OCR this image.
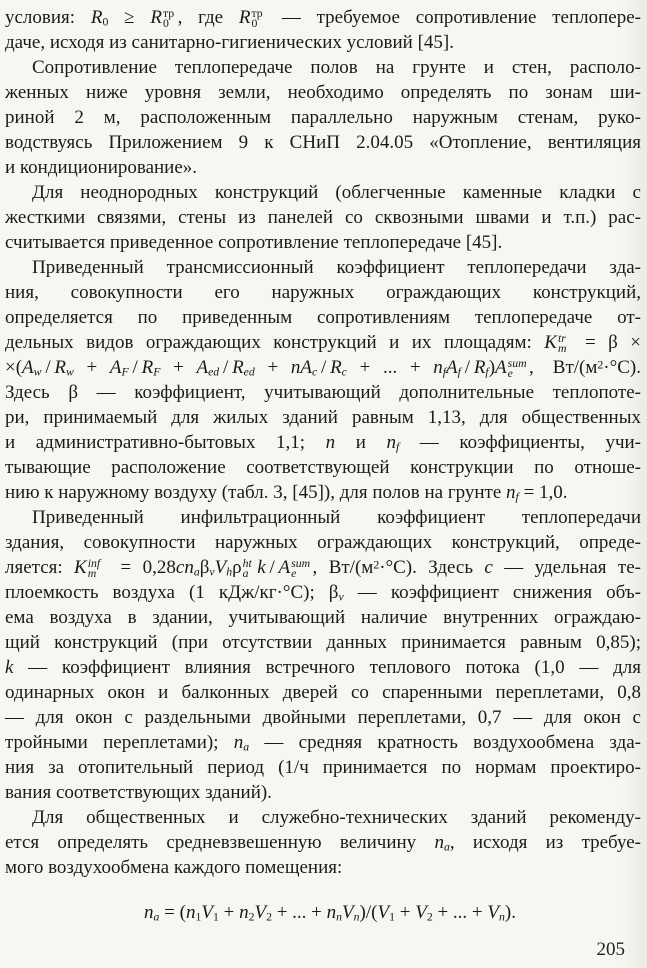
условия: $R_0 \ge R$ тр
0 , где R тр
0 — требуемое сопротивление теплопере-
даче, исходя из санитарно-гигиенических условий [45].
Сопротивление теплопередаче полов на грунте и стен, располо-
женных ниже уровня земли, необходимо определять по зонам ши-
риной 2 м, расположенным параллельно наружным стенам, руко-
водствуясь Приложением 9 к СНиП 2.04.05 «Отопление, вентиляция
и кондиционирование».
Для неоднородных конструкций (облегченные каменные кладки с
жесткими связями, стены из панелей со сквозными швами и т.п.) рас-
считывается приведенное сопротивление теплопередаче [45].
Приведенный трансмиссионный коэффициент теплопередачи зда-
ния, совокупности его наружных ограждающих конструкций,
определяется по приведенным сопротивлениям теплопередаче от-
дельных видов ограждающих конструкций и их площадям: K tr
m = β ×
$\times(A_w / R_w + A_F / R_F + A_{ed} / R_{ed} + nA_c / R_c$ + ... + $n_fA_f / R_f)A$ sum
e ,  $Вт/(м^2\cdot^\circ С)$.
Здесь β — коэффициент, учитывающий дополнительные теплопоте-
ри, принимаемый для жилых зданий равным 1,13, для общественных
и административно-бытовых 1,1; n и $n_f$ — коэффициенты, учи-
тывающие расположение соответствующей конструкции по отноше-
нию к наружному воздуху (табл. 3, [45]), для полов на грунте $n_f = 1,0$.
Приведенный инфильтрационный коэффициент теплопередачи
здания, совокупности наружных ограждающих конструкций, опреде-
ляется: K inf
$m = 0,28cn_a\beta_vV_h\rho$ ht
a k / A sum
e , $Вт/(м^2\cdot^\circ С)$. Здесь c — удельная те-
плоемкость воздуха (1 кДж/кг·°С); $\beta_v$ — коэффициент снижения объ-
ема воздуха в здании, учитывающий наличие внутренних ограждаю-
щий конструкций (при отсутствии данных принимается равным 0,85);
k — коэффициент влияния встречного теплового потока (1,0 — для
одинарных окон и балконных дверей со спаренными переплетами, 0,8
— для окон с раздельными двойными переплетами, 0,7 — для окон с
тройными переплетами); $n_a$ — средняя кратность воздухообмена зда-
ния за отопительный период (1/ч принимается по нормам проектиро-
вания соответствующих зданий).
Для общественных и служебно-технических зданий рекоменду-
ется определять средневзвешенную величину $n_a$, исходя из требуе-
мого воздухообмена каждого помещения:
$n_a = (n_1V_1 + n_2V_2$ + ... + $n_nV_n)/(V_1 + V_2$ + ... + $V_n$).
205
